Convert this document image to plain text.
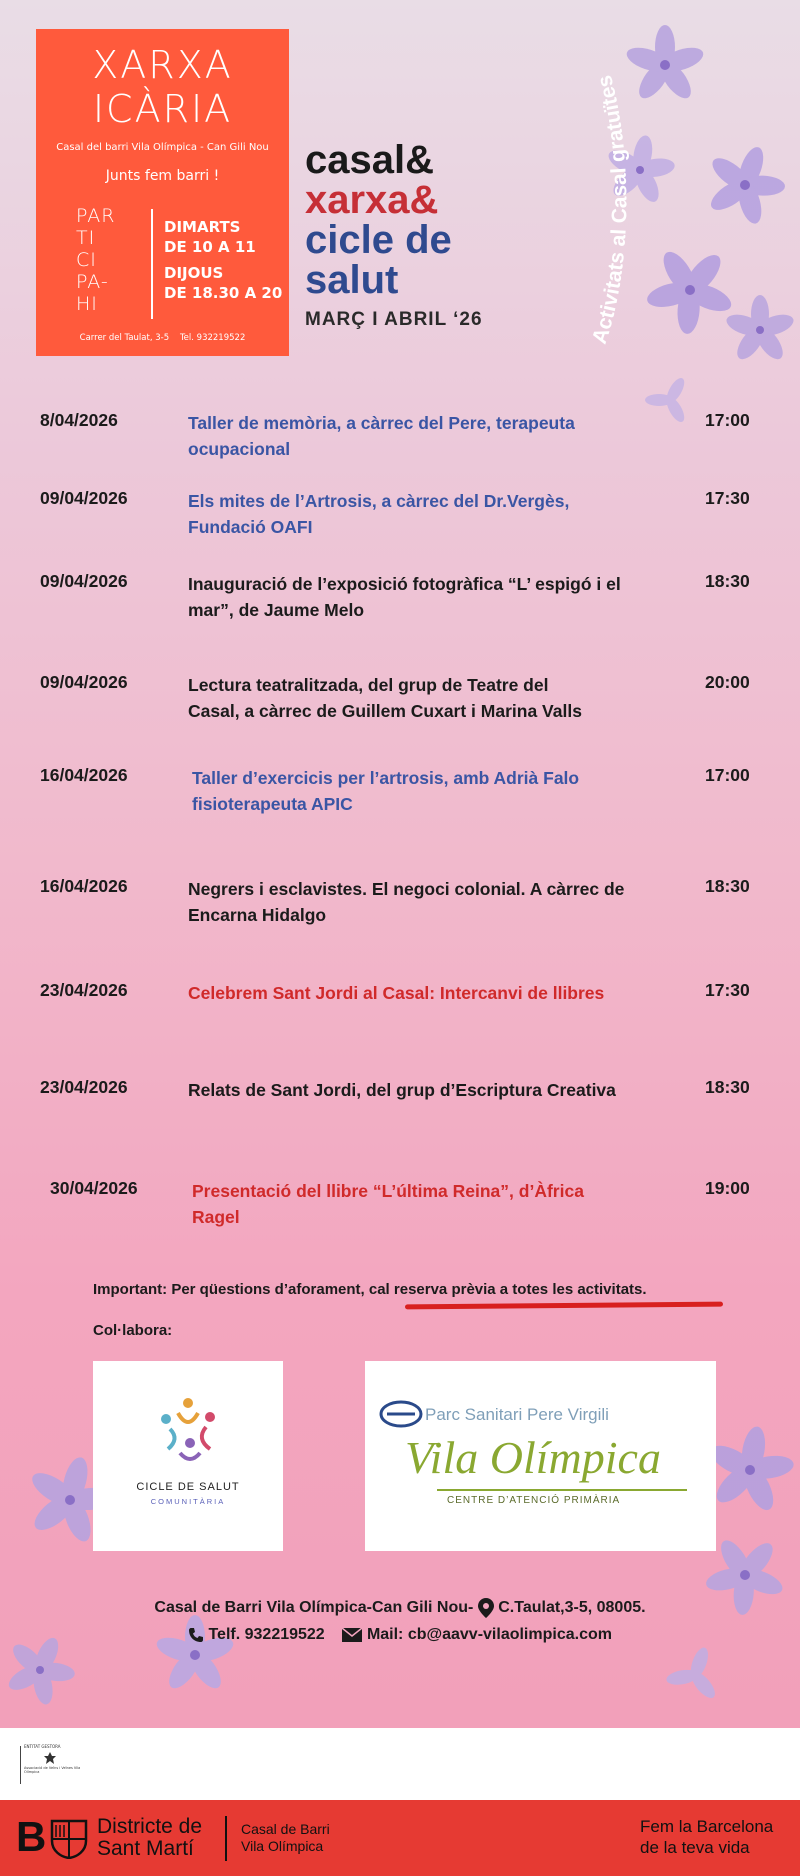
XARXA
ICÀRIA
Casal del barri Vila Olímpica - Can Gili Nou
Junts fem barri !
PAR
TI
CI
PA-
HI
DIMARTS
DE 10 A 11
DIJOUS
DE 18.30 A 20
Carrer del Taulat, 3-5 Tel. 932219522
casal&
xarxa&
cicle de
salut
MARÇ I ABRIL ‘26
Activitats al Casal gratuïtes
8/04/2026	Taller de memòria, a càrrec del Pere, terapeuta
ocupacional
17:00
09/04/2026	Els mites de l’Artrosis, a càrrec del Dr.Vergès,
Fundació OAFI
17:30
09/04/2026	Inauguració de l’exposició fotogràfica “L’ espigó i el
mar”, de Jaume Melo
18:30
09/04/2026	Lectura teatralitzada, del grup de Teatre del
Casal, a càrrec de Guillem Cuxart i Marina Valls
20:00
16/04/2026	Taller d’exercicis per l’artrosis, amb Adrià Falo
fisioterapeuta APIC
17:00
16/04/2026	Negrers i esclavistes. El negoci colonial. A càrrec de
Encarna Hidalgo
18:30
23/04/2026	Celebrem Sant Jordi al Casal: Intercanvi de llibres	17:30
23/04/2026	Relats de Sant Jordi, del grup d’Escriptura Creativa	18:30
30/04/2026	Presentació del llibre “L’última Reina”, d’Àfrica
Ragel
19:00
Important: Per qüestions d’aforament, cal reserva prèvia a totes les activitats.
Col·labora:
CICLE DE SALUT
COMUNITÀRIA
Parc Sanitari Pere Virgili
Vila Olímpica
CENTRE D’ATENCIÓ PRIMÀRIA
Casal de Barri Vila Olímpica-Can Gili Nou- C.Taulat,3-5, 08005.
Telf. 932219522	Mail: cb@aavv-vilaolimpica.com
ENTITAT GESTORA
Associació de Veïns i Veïnes Vila Olímpica
B Districte de
Sant Martí
Casal de Barri
Vila Olímpica
Fem la Barcelona
de la teva vida
